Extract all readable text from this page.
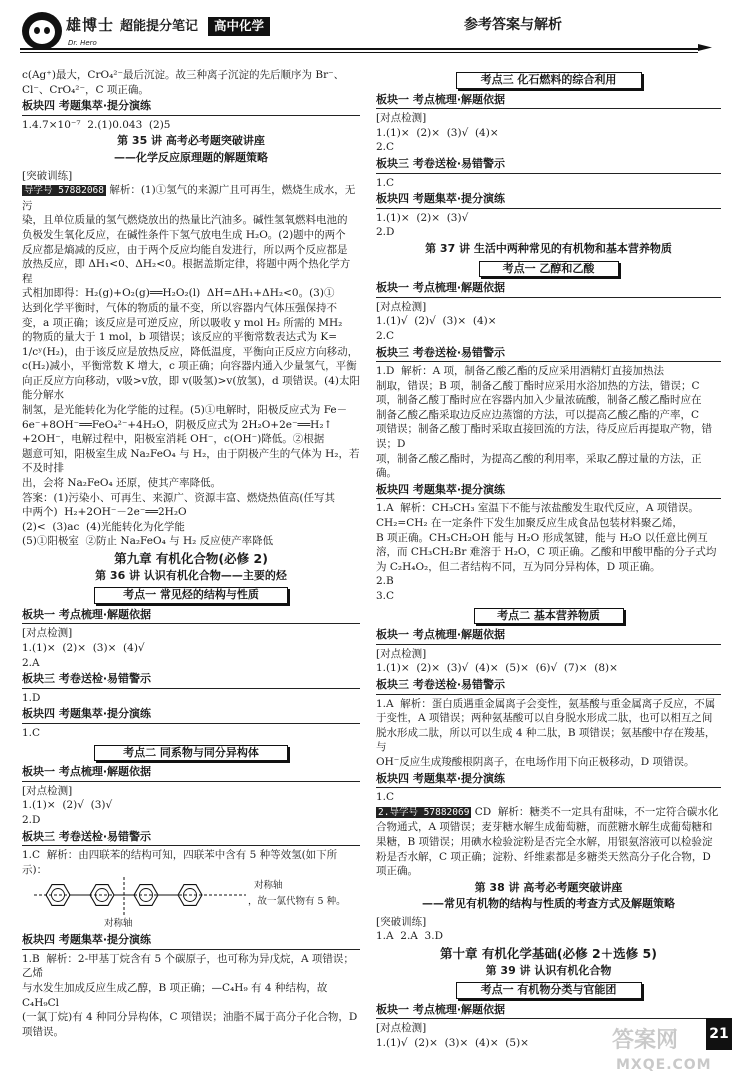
雄博士
Dr. Hero
超能提分笔记	高中化学	参考答案与解析
c(Ag⁺)最大，CrO₄²⁻最后沉淀。故三种离子沉淀的先后顺序为 Br⁻、
Cl⁻、CrO₄²⁻，C 项正确。
板块四 考题集萃·提分演练
1.4.7×10⁻⁷  2.(1)0.043  (2)5
第 35 讲 高考必考题突破讲座
——化学反应原理题的解题策略
[突破训练]
导学号 57882068 解析：(1)①氢气的来源广且可再生，燃烧生成水，无污
染，且单位质量的氢气燃烧放出的热量比汽油多。碱性氢氧燃料电池的
负极发生氧化反应，在碱性条件下氢气放电生成 H₂O。(2)题中的两个
反应都是熵减的反应，由于两个反应均能自发进行，所以两个反应都是
放热反应，即 ΔH₁<0、ΔH₂<0。根据盖斯定律，将题中两个热化学方程
式相加即得：H₂(g)+O₂(g)══H₂O₂(l)  ΔH=ΔH₁+ΔH₂<0。(3)①
达到化学平衡时，气体的物质的量不变，所以容器内气体压强保持不
变，a 项正确；该反应是可逆反应，所以吸收 y mol H₂ 所需的 MH₂
的物质的量大于 1 mol，b 项错误；该反应的平衡常数表达式为 K=
1/cʸ(H₂)，由于该反应是放热反应，降低温度，平衡向正反应方向移动，
c(H₂)减小，平衡常数 K 增大，c 项正确；向容器内通入少量氢气，平衡
向正反应方向移动，v吸>v放，即 v(吸氢)>v(放氢)，d 项错误。(4)太阳能分解水
制氢，是光能转化为化学能的过程。(5)①电解时，阳极反应式为 Fe－
6e⁻+8OH⁻══FeO₄²⁻+4H₂O，阴极反应式为 2H₂O+2e⁻══H₂↑
+2OH⁻，电解过程中，阳极室消耗 OH⁻，c(OH⁻)降低。②根据
题意可知，阳极室生成 Na₂FeO₄ 与 H₂，由于阴极产生的气体为 H₂，若不及时排
出，会将 Na₂FeO₄ 还原，使其产率降低。
答案：(1)污染小、可再生、来源广、资源丰富、燃烧热值高(任写其
中两个)  H₂+2OH⁻－2e⁻══2H₂O
(2)<  (3)ac  (4)光能转化为化学能
(5)①阳极室  ②防止 Na₂FeO₄ 与 H₂ 反应使产率降低
第九章 有机化合物(必修 2)
第 36 讲 认识有机化合物——主要的烃
考点一 常见烃的结构与性质
板块一 考点梳理·解题依据
[对点检测]
1.(1)×  (2)×  (3)×  (4)√
2.A
板块三 考卷送检·易错警示
1.D
板块四 考题集萃·提分演练
1.C
考点二 同系物与同分异构体
板块一 考点梳理·解题依据
[对点检测]
1.(1)×  (2)√  (3)√
2.D
板块三 考卷送检·易错警示
1.C  解析：由四联苯的结构可知，四联苯中含有 5 种等效氢(如下所示)：
对称轴
，故一氯代物有 5 种。
对称轴
板块四 考题集萃·提分演练
1.B  解析：2-甲基丁烷含有 5 个碳原子，也可称为异戊烷，A 项错误；乙烯
与水发生加成反应生成乙醇，B 项正确；—C₄H₉ 有 4 种结构，故 C₄H₉Cl
(一氯丁烷)有 4 种同分异构体，C 项错误；油脂不属于高分子化合物，D
项错误。
考点三 化石燃料的综合利用
板块一 考点梳理·解题依据
[对点检测]
1.(1)×  (2)×  (3)√  (4)×
2.C
板块三 考卷送检·易错警示
1.C
板块四 考题集萃·提分演练
1.(1)×  (2)×  (3)√
2.D
第 37 讲 生活中两种常见的有机物和基本营养物质
考点一 乙醇和乙酸
板块一 考点梳理·解题依据
[对点检测]
1.(1)√  (2)√  (3)×  (4)×
2.C
板块三 考卷送检·易错警示
1.D  解析：A 项，制备乙酸乙酯的反应采用酒精灯直接加热法
制取，错误；B 项，制备乙酸丁酯时应采用水浴加热的方法，错误；C
项，制备乙酸丁酯时应在容器内加入少量浓硫酸，制备乙酸乙酯时应在
制备乙酸乙酯采取边反应边蒸馏的方法，可以提高乙酸乙酯的产率，C
项错误；制备乙酸丁酯时采取直接回流的方法，待反应后再提取产物，错误；D
项，制备乙酸乙酯时，为提高乙酸的利用率，采取乙醇过量的方法，正确。
板块四 考题集萃·提分演练
1.A  解析：CH₃CH₃ 室温下不能与浓盐酸发生取代反应，A 项错误。
CH₂=CH₂ 在一定条件下发生加聚反应生成食品包装材料聚乙烯，
B 项正确。CH₃CH₂OH 能与 H₂O 形成氢键，能与 H₂O 以任意比例互
溶，而 CH₃CH₂Br 难溶于 H₂O，C 项正确。乙酸和甲酸甲酯的分子式均
为 C₂H₄O₂，但二者结构不同，互为同分异构体，D 项正确。
2.B
3.C
考点二 基本营养物质
板块一 考点梳理·解题依据
[对点检测]
1.(1)×  (2)×  (3)√  (4)×  (5)×  (6)√  (7)×  (8)×
板块三 考卷送检·易错警示
1.A  解析：蛋白质遇重金属离子会变性，氨基酸与重金属离子反应，不属
于变性，A 项错误；两种氨基酸可以自身脱水形成二肽，也可以相互之间
脱水形成二肽，所以可以生成 4 种二肽，B 项错误；氨基酸中存在羧基，与
OH⁻反应生成羧酸根阴离子，在电场作用下向正极移动，D 项错误。
板块四 考题集萃·提分演练
1.C
2.导学号 57882069 CD  解析：糖类不一定具有甜味，不一定符合碳水化
合物通式，A 项错误；麦芽糖水解生成葡萄糖，而蔗糖水解生成葡萄糖和
果糖，B 项错误；用碘水检验淀粉是否完全水解，用银氨溶液可以检验淀
粉是否水解，C 项正确；淀粉、纤维素都是多糖类天然高分子化合物，D
项正确。
第 38 讲 高考必考题突破讲座
——常见有机物的结构与性质的考查方式及解题策略
[突破训练]
1.A  2.A  3.D
第十章 有机化学基础(必修 2＋选修 5)
第 39 讲 认识有机化合物
考点一 有机物分类与官能团
板块一 考点梳理·解题依据
[对点检测]
1.(1)√  (2)×  (3)×  (4)×  (5)×
21
答案网
MXQE.COM
